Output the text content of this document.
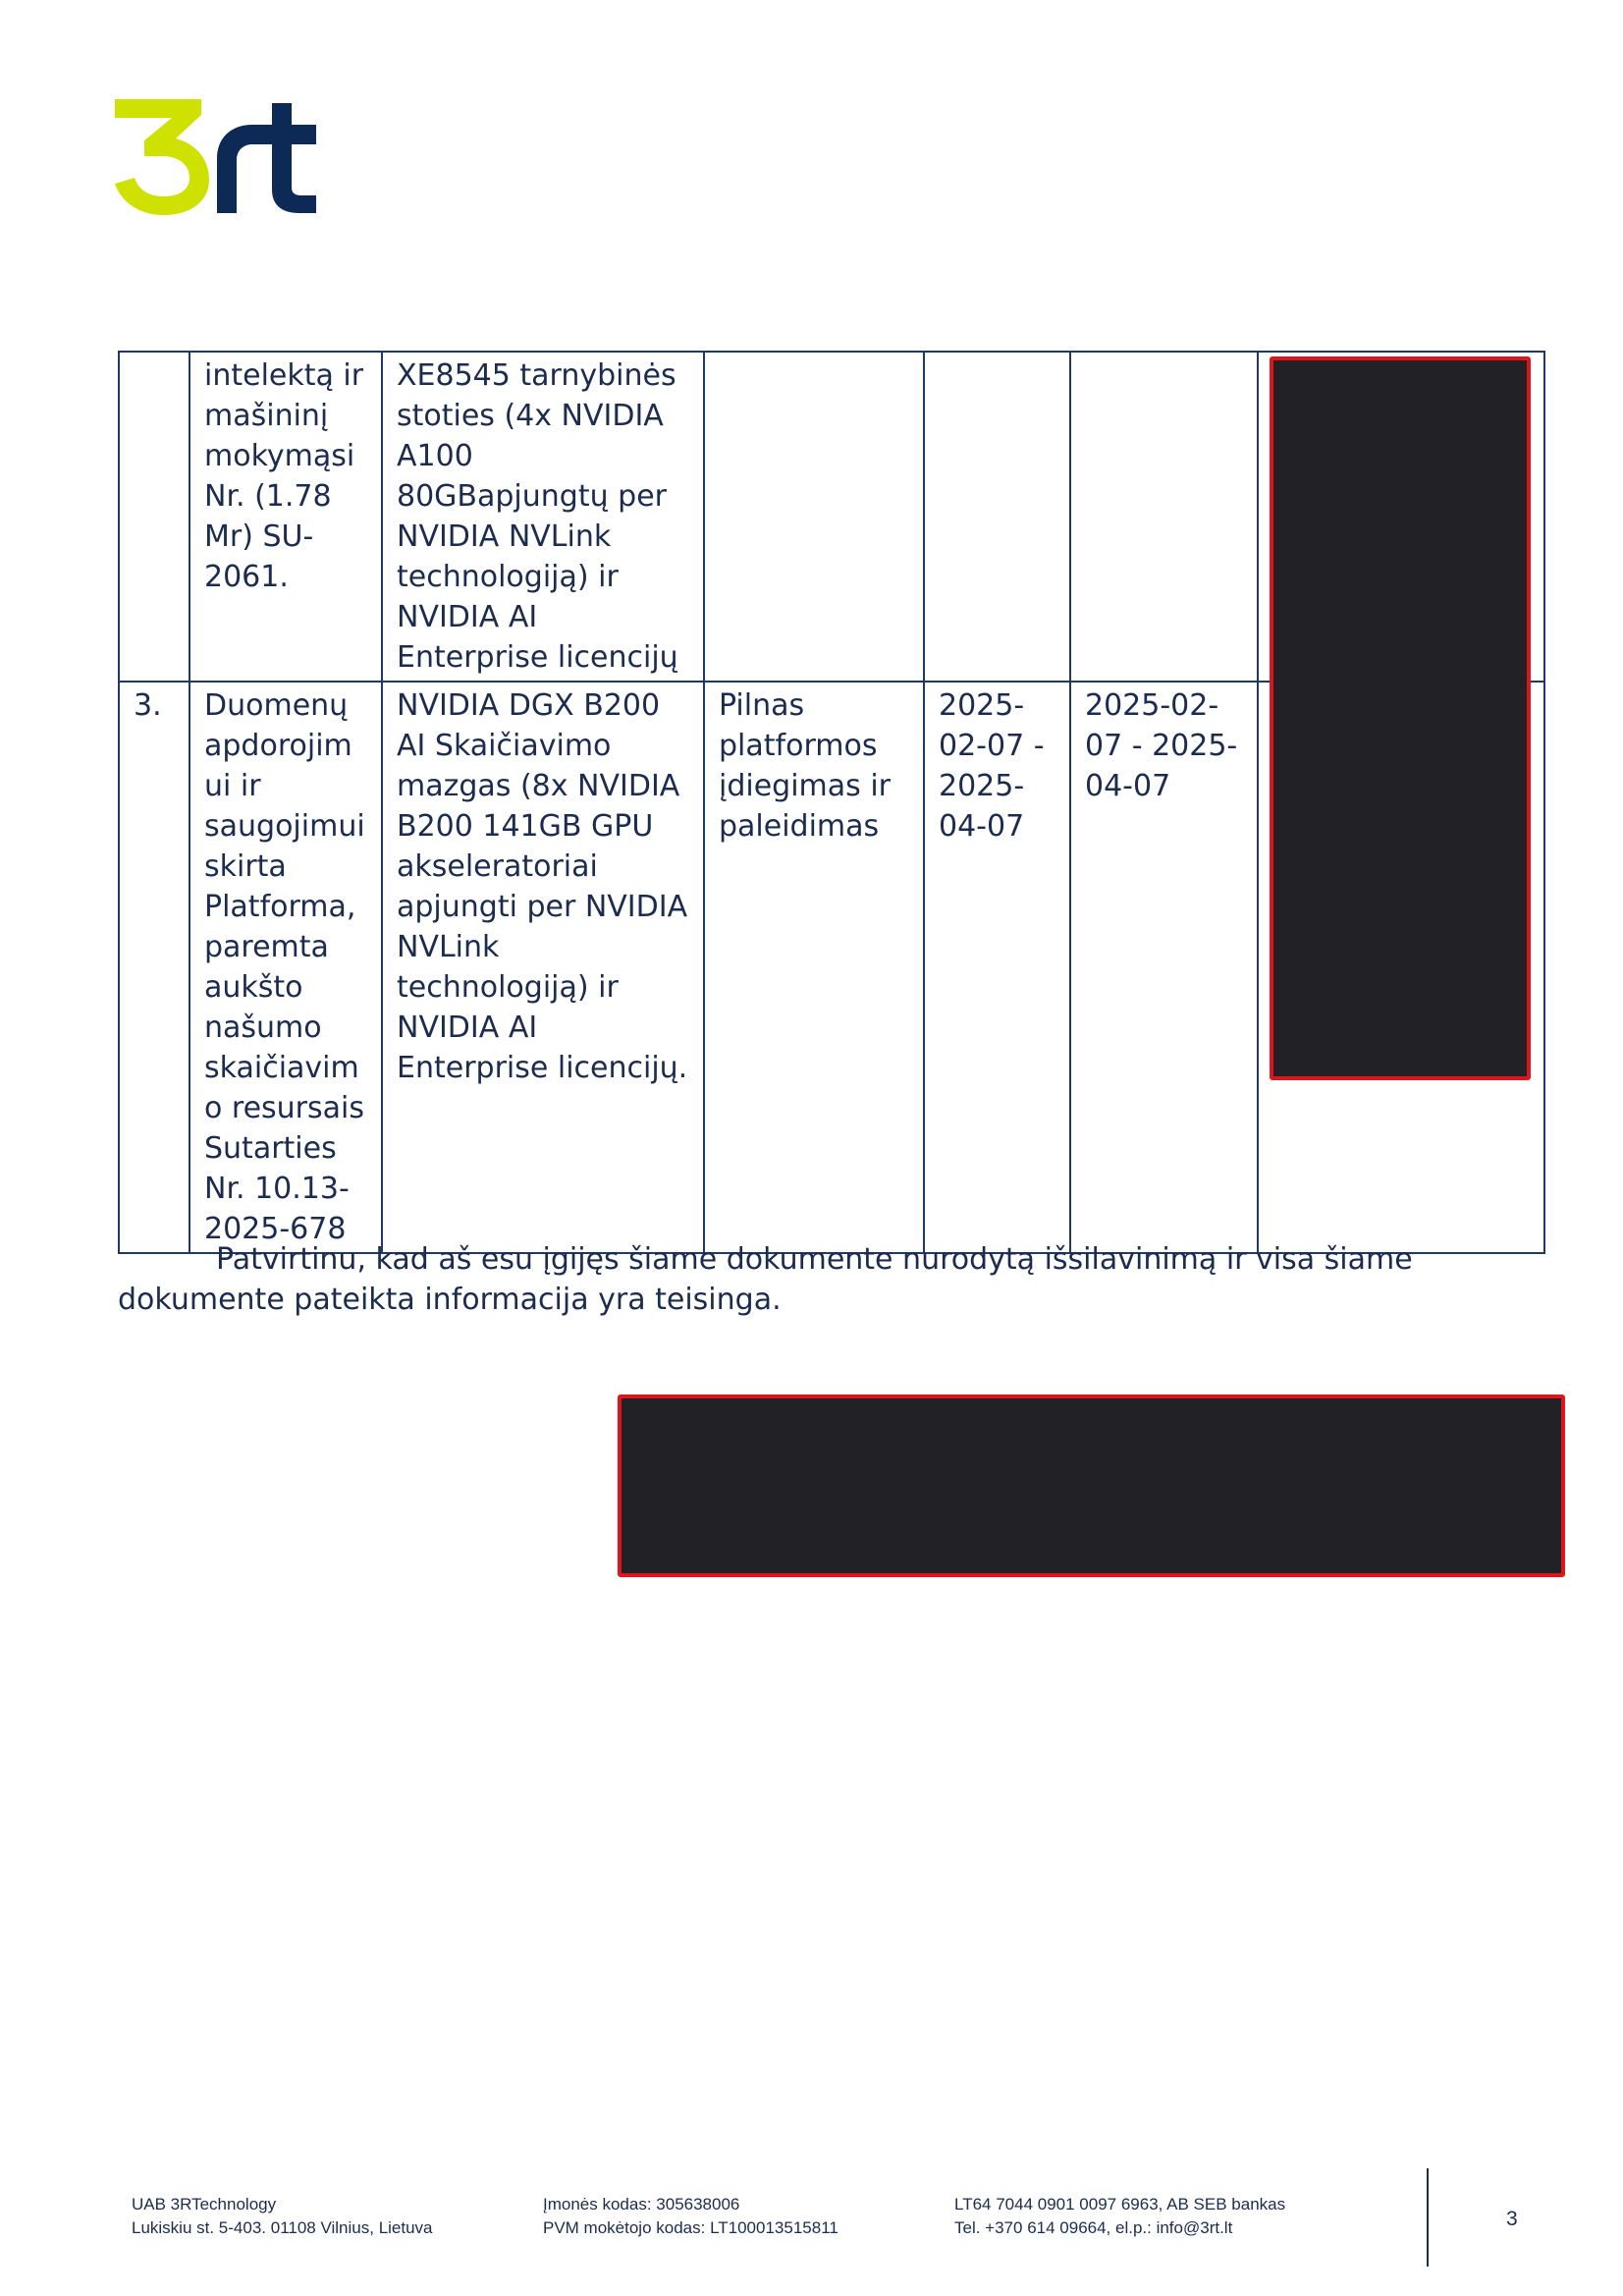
	intelektą ir mašininį mokymąsi Nr. (1.78 Mr) SU-2061.	XE8545 tarnybinės stoties (4x NVIDIA A100 80GBapjungtų per NVIDIA NVLink technologiją) ir NVIDIA AI Enterprise licencijų				
3.	Duomenų apdorojimui ir saugojimui skirta Platforma, paremta aukšto našumo skaičiavimo resursais Sutarties Nr. 10.13-2025-678	NVIDIA DGX B200 AI Skaičiavimo mazgas (8x NVIDIA B200 141GB GPU akseleratoriai apjungti per NVIDIA NVLink technologiją) ir NVIDIA AI Enterprise licencijų.	Pilnas platformos įdiegimas ir paleidimas	2025-02-07 - 2025-04-07	2025-02-07 - 2025-04-07	

Patvirtinu, kad aš esu įgijęs šiame dokumente nurodytą išsilavinimą ir visa šiame dokumente pateikta informacija yra teisinga.

UAB 3RTechnology
Lukiskiu st. 5-403. 01108 Vilnius, Lietuva
Įmonės kodas: 305638006
PVM mokėtojo kodas: LT100013515811
LT64 7044 0901 0097 6963, AB SEB bankas
Tel. +370 614 09664, el.p.: info@3rt.lt	3
